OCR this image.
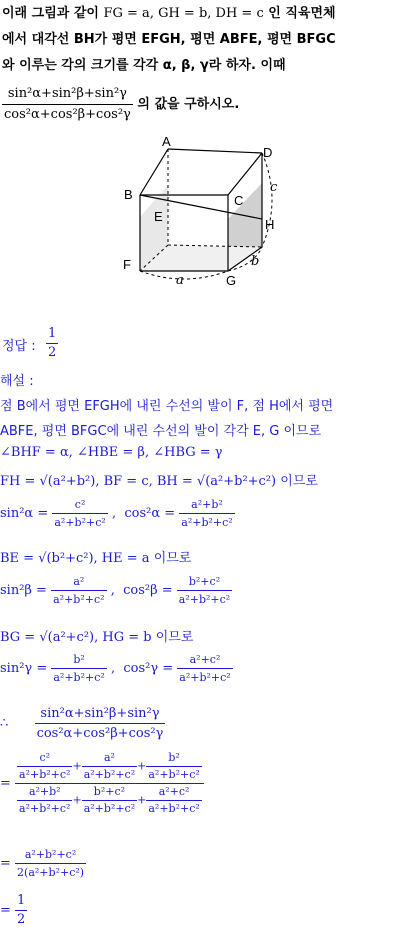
이래 그림과 같이 FG = a, GH = b, DH = c 인 직육면체
에서 대각선 BH가 평면 EFGH, 평면 ABFE, 평면 BFGC
와 이루는 각의 크기를 각각 α, β, γ라 하자. 이때
$\frac{\text{sin²α+sin²β+sin²γ}}{\text{cos²α+cos²β+cos²γ}}$ 의 값을 구하시오.
A
D
B	C
E
H
F
G
a
b
c
정답 : $\frac{1}{2}$
해설 :
점 B에서 평면 EFGH에 내린 수선의 발이 F, 점 H에서 평면
ABFE, 평면 BFGC에 내린 수선의 발이 각각 E, G 이므로
∠BHF = α, ∠HBE = β, ∠HBG = γ
FH = √(a²+b²), BF = c, BH = √(a²+b²+c²) 이므로
$\sin^2\alpha = \frac{\text{c²}}{\text{a²+b²+c²}}$ ,  $\cos^2\alpha = \frac{\text{a²+b²}}{\text{a²+b²+c²}}$
BE = √(b²+c²), HE = a 이므로
$\sin^2\beta = \frac{\text{a²}}{\text{a²+b²+c²}}$ ,  $\cos^2\beta = \frac{\text{b²+c²}}{\text{a²+b²+c²}}$
BG = √(a²+c²), HG = b 이므로
$\sin^2\gamma = \frac{\text{b²}}{\text{a²+b²+c²}}$ ,  $\cos^2\gamma = \frac{\text{a²+c²}}{\text{a²+b²+c²}}$
∴ $\frac{\text{sin²α+sin²β+sin²γ}}{\text{cos²α+cos²β+cos²γ}}$
= $\frac{\frac{\text{c²}}{\text{a²+b²+c²}} + \frac{\text{a²}}{\text{a²+b²+c²}} + \frac{\text{b²}}{\text{a²+b²+c²}}}{\frac{\text{a²+b²}}{\text{a²+b²+c²}} + \frac{\text{b²+c²}}{\text{a²+b²+c²}} + \frac{\text{a²+c²}}{\text{a²+b²+c²}}}$
= $\frac{\text{a²+b²+c²}}{\text{2(a²+b²+c²)}}$
= $\frac{1}{2}$
